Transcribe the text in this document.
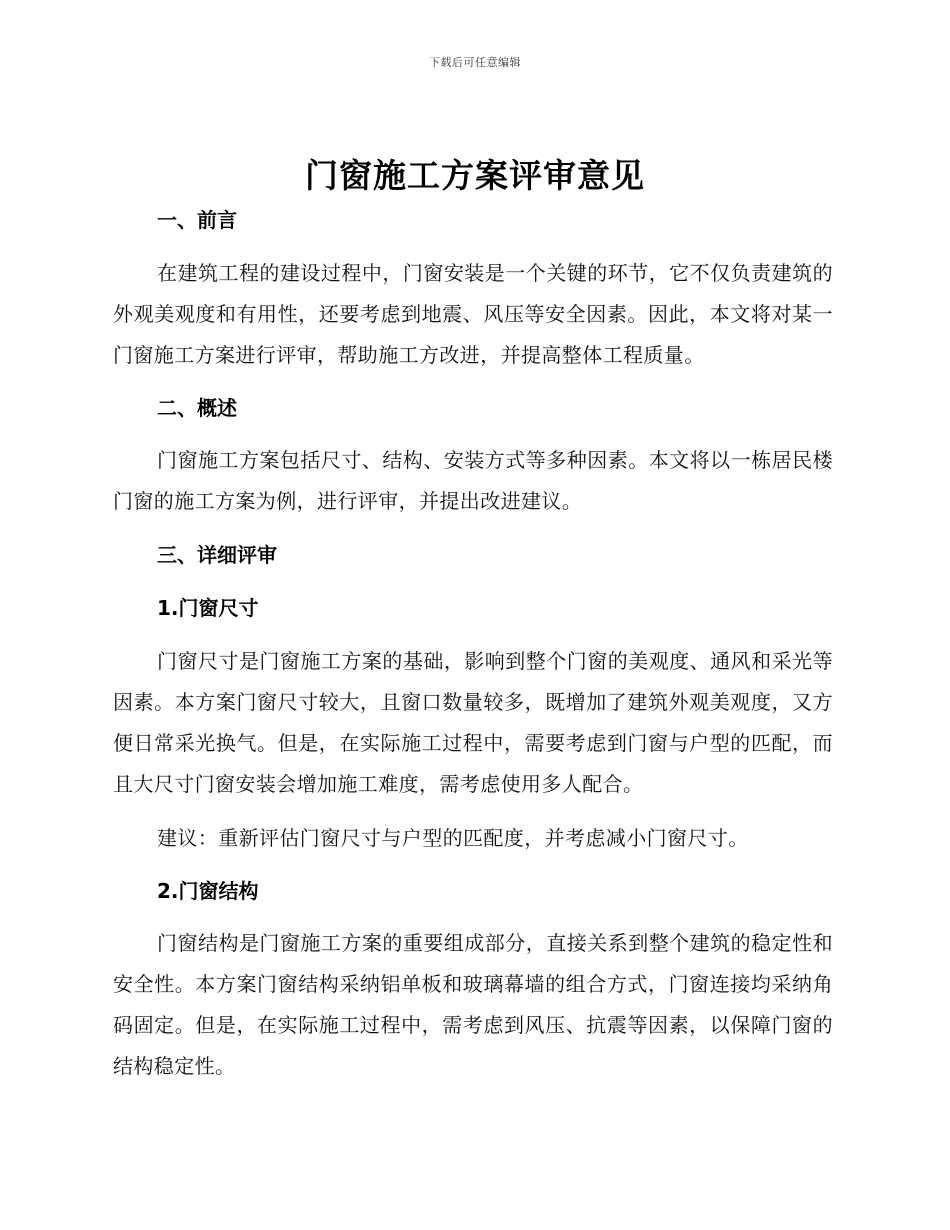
下载后可任意编辑
门窗施工方案评审意见

一、前言

在建筑工程的建设过程中，门窗安装是一个关键的环节，它不仅负责建筑的外观美观度和有用性，还要考虑到地震、风压等安全因素。因此，本文将对某一门窗施工方案进行评审，帮助施工方改进，并提高整体工程质量。

二、概述

门窗施工方案包括尺寸、结构、安装方式等多种因素。本文将以一栋居民楼门窗的施工方案为例，进行评审，并提出改进建议。

三、详细评审

1.门窗尺寸

门窗尺寸是门窗施工方案的基础，影响到整个门窗的美观度、通风和采光等因素。本方案门窗尺寸较大，且窗口数量较多，既增加了建筑外观美观度，又方便日常采光换气。但是，在实际施工过程中，需要考虑到门窗与户型的匹配，而且大尺寸门窗安装会增加施工难度，需考虑使用多人配合。

建议：重新评估门窗尺寸与户型的匹配度，并考虑减小门窗尺寸。

2.门窗结构

门窗结构是门窗施工方案的重要组成部分，直接关系到整个建筑的稳定性和安全性。本方案门窗结构采纳铝单板和玻璃幕墙的组合方式，门窗连接均采纳角码固定。但是，在实际施工过程中，需考虑到风压、抗震等因素，以保障门窗的结构稳定性。
